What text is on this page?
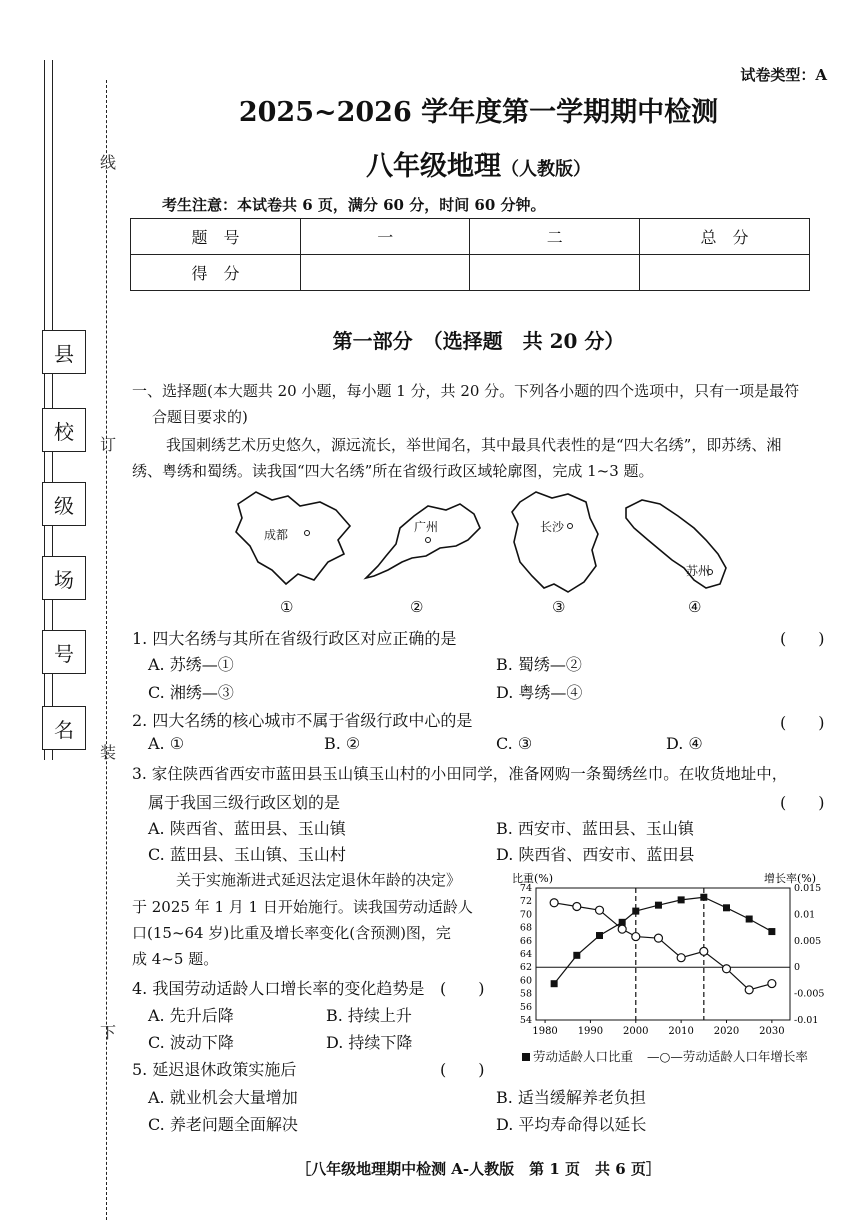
试卷类型：A
2025~2026 学年度第一学期期中检测
八年级地理（人教版）
考生注意：本试卷共 6 页，满分 60 分，时间 60 分钟。
县
校
级
场
号
名
线
订
装
下
题　号	一	二	总　分
得　分			
第一部分　（选择题　共 20 分）
一、选择题(本大题共 20 小题，每小题 1 分，共 20 分。下列各小题的四个选项中，只有一项是最符
合题目要求的)
我国刺绣艺术历史悠久，源远流长，举世闻名，其中最具代表性的是“四大名绣”，即苏绣、湘
绣、粤绣和蜀绣。读我国“四大名绣”所在省级行政区域轮廓图，完成 1~3 题。
成都
①
广州
②
长沙
③
苏州
④
1. 四大名绣与其所在省级行政区对应正确的是	(　　)
A. 苏绣—①	B. 蜀绣—②
C. 湘绣—③	D. 粤绣—④
2. 四大名绣的核心城市不属于省级行政中心的是	(　　)
A. ①	B. ②	C. ③	D. ④
3. 家住陕西省西安市蓝田县玉山镇玉山村的小田同学，准备网购一条蜀绣丝巾。在收货地址中，
属于我国三级行政区划的是	(　　)
A. 陕西省、蓝田县、玉山镇	B. 西安市、蓝田县、玉山镇
C. 蓝田县、玉山镇、玉山村	D. 陕西省、西安市、蓝田县
关于实施渐进式延迟法定退休年龄的决定》
于 2025 年 1 月 1 日开始施行。读我国劳动适龄人
口(15~64 岁)比重及增长率变化(含预测)图，完
成 4~5 题。
4. 我国劳动适龄人口增长率的变化趋势是 (　　)
A. 先升后降	B. 持续上升
C. 波动下降	D. 持续下降
5. 延迟退休政策实施后	(　　)
A. 就业机会大量增加	B. 适当缓解养老负担
C. 养老问题全面解决	D. 平均寿命得以延长
比重(%)	增长率(%)
74
72
70
68
66
64
62
60
58
56
54
0.015
0.01
0.005
0
-0.005
-0.01
1980 1990 2000 2010 2020 2030
劳动适龄人口比重 —○—劳动适龄人口年增长率
［八年级地理期中检测 A-人教版　第 1 页　共 6 页］
